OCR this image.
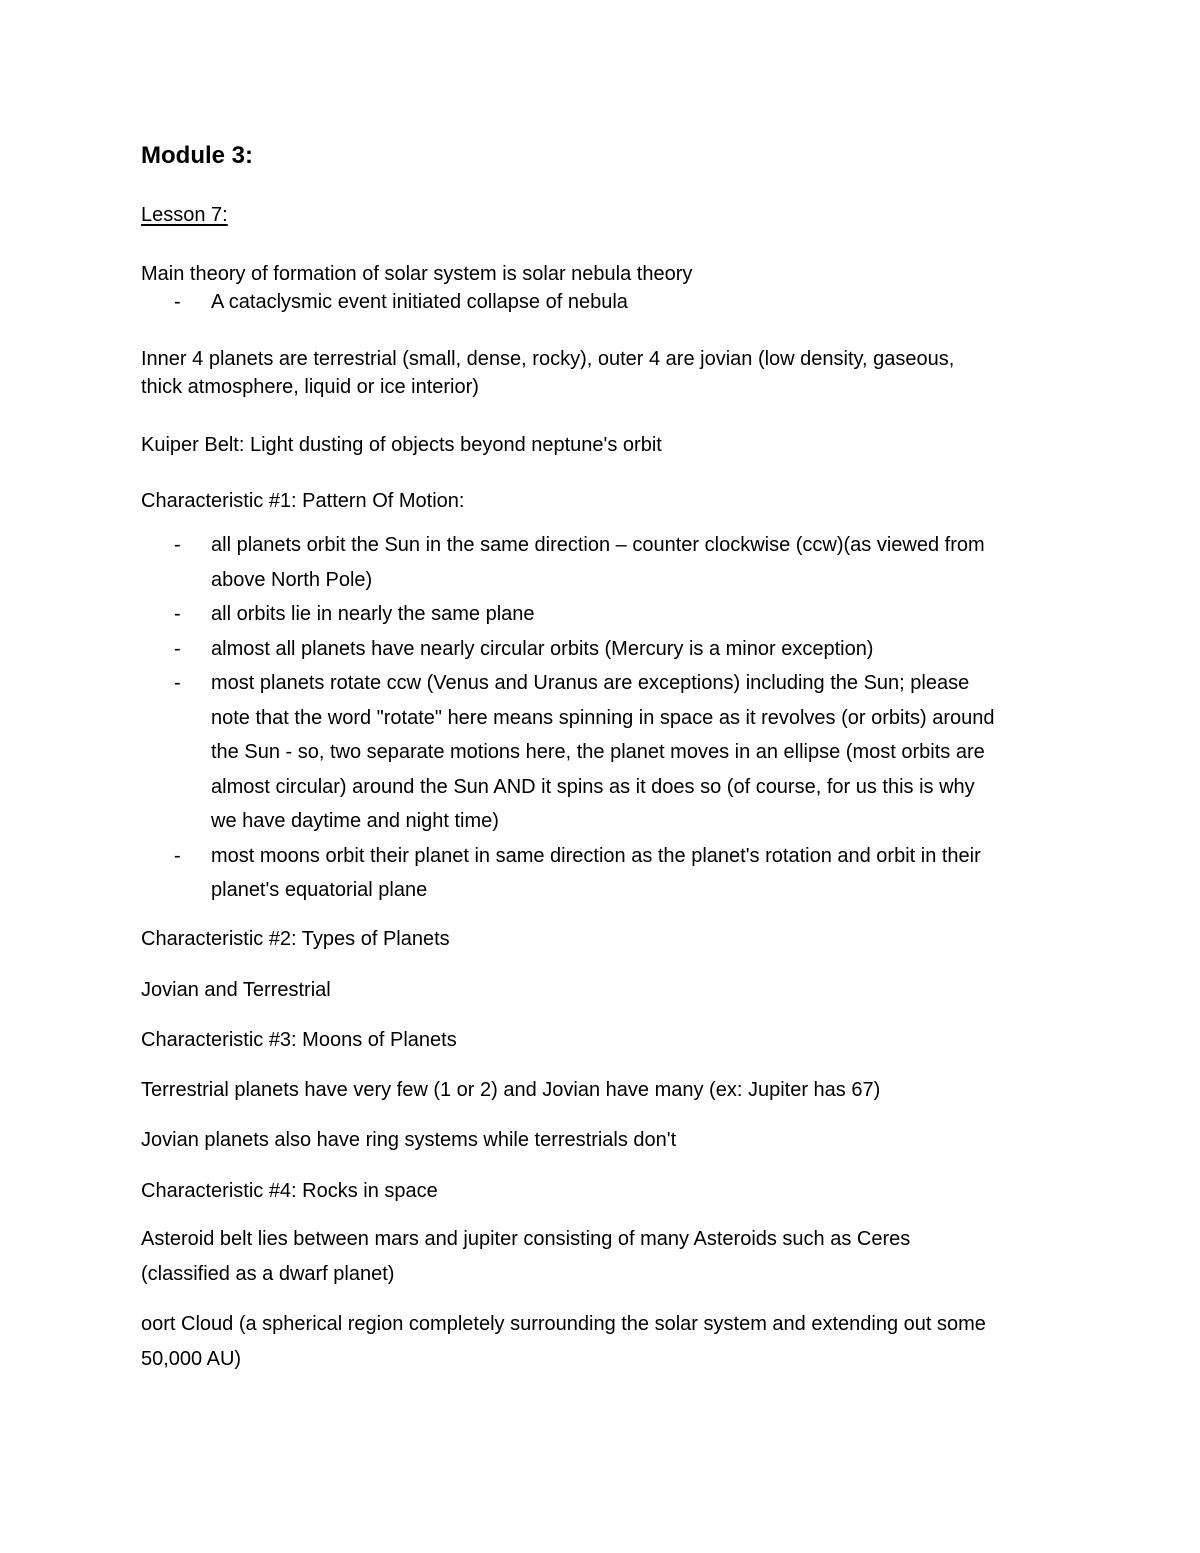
Module 3:
Lesson 7:
Main theory of formation of solar system is solar nebula theory
- A cataclysmic event initiated collapse of nebula
Inner 4 planets are terrestrial (small, dense, rocky), outer 4 are jovian (low density, gaseous,
thick atmosphere, liquid or ice interior)
Kuiper Belt: Light dusting of objects beyond neptune's orbit
Characteristic #1: Pattern Of Motion:
- all planets orbit the Sun in the same direction – counter clockwise (ccw)(as viewed from
above North Pole)
- all orbits lie in nearly the same plane
- almost all planets have nearly circular orbits (Mercury is a minor exception)
- most planets rotate ccw (Venus and Uranus are exceptions) including the Sun; please
note that the word "rotate" here means spinning in space as it revolves (or orbits) around
the Sun - so, two separate motions here, the planet moves in an ellipse (most orbits are
almost circular) around the Sun AND it spins as it does so (of course, for us this is why
we have daytime and night time)
- most moons orbit their planet in same direction as the planet's rotation and orbit in their
planet's equatorial plane
Characteristic #2: Types of Planets
Jovian and Terrestrial
Characteristic #3: Moons of Planets
Terrestrial planets have very few (1 or 2) and Jovian have many (ex: Jupiter has 67)
Jovian planets also have ring systems while terrestrials don't
Characteristic #4: Rocks in space
Asteroid belt lies between mars and jupiter consisting of many Asteroids such as Ceres
(classified as a dwarf planet)
oort Cloud (a spherical region completely surrounding the solar system and extending out some
50,000 AU)
